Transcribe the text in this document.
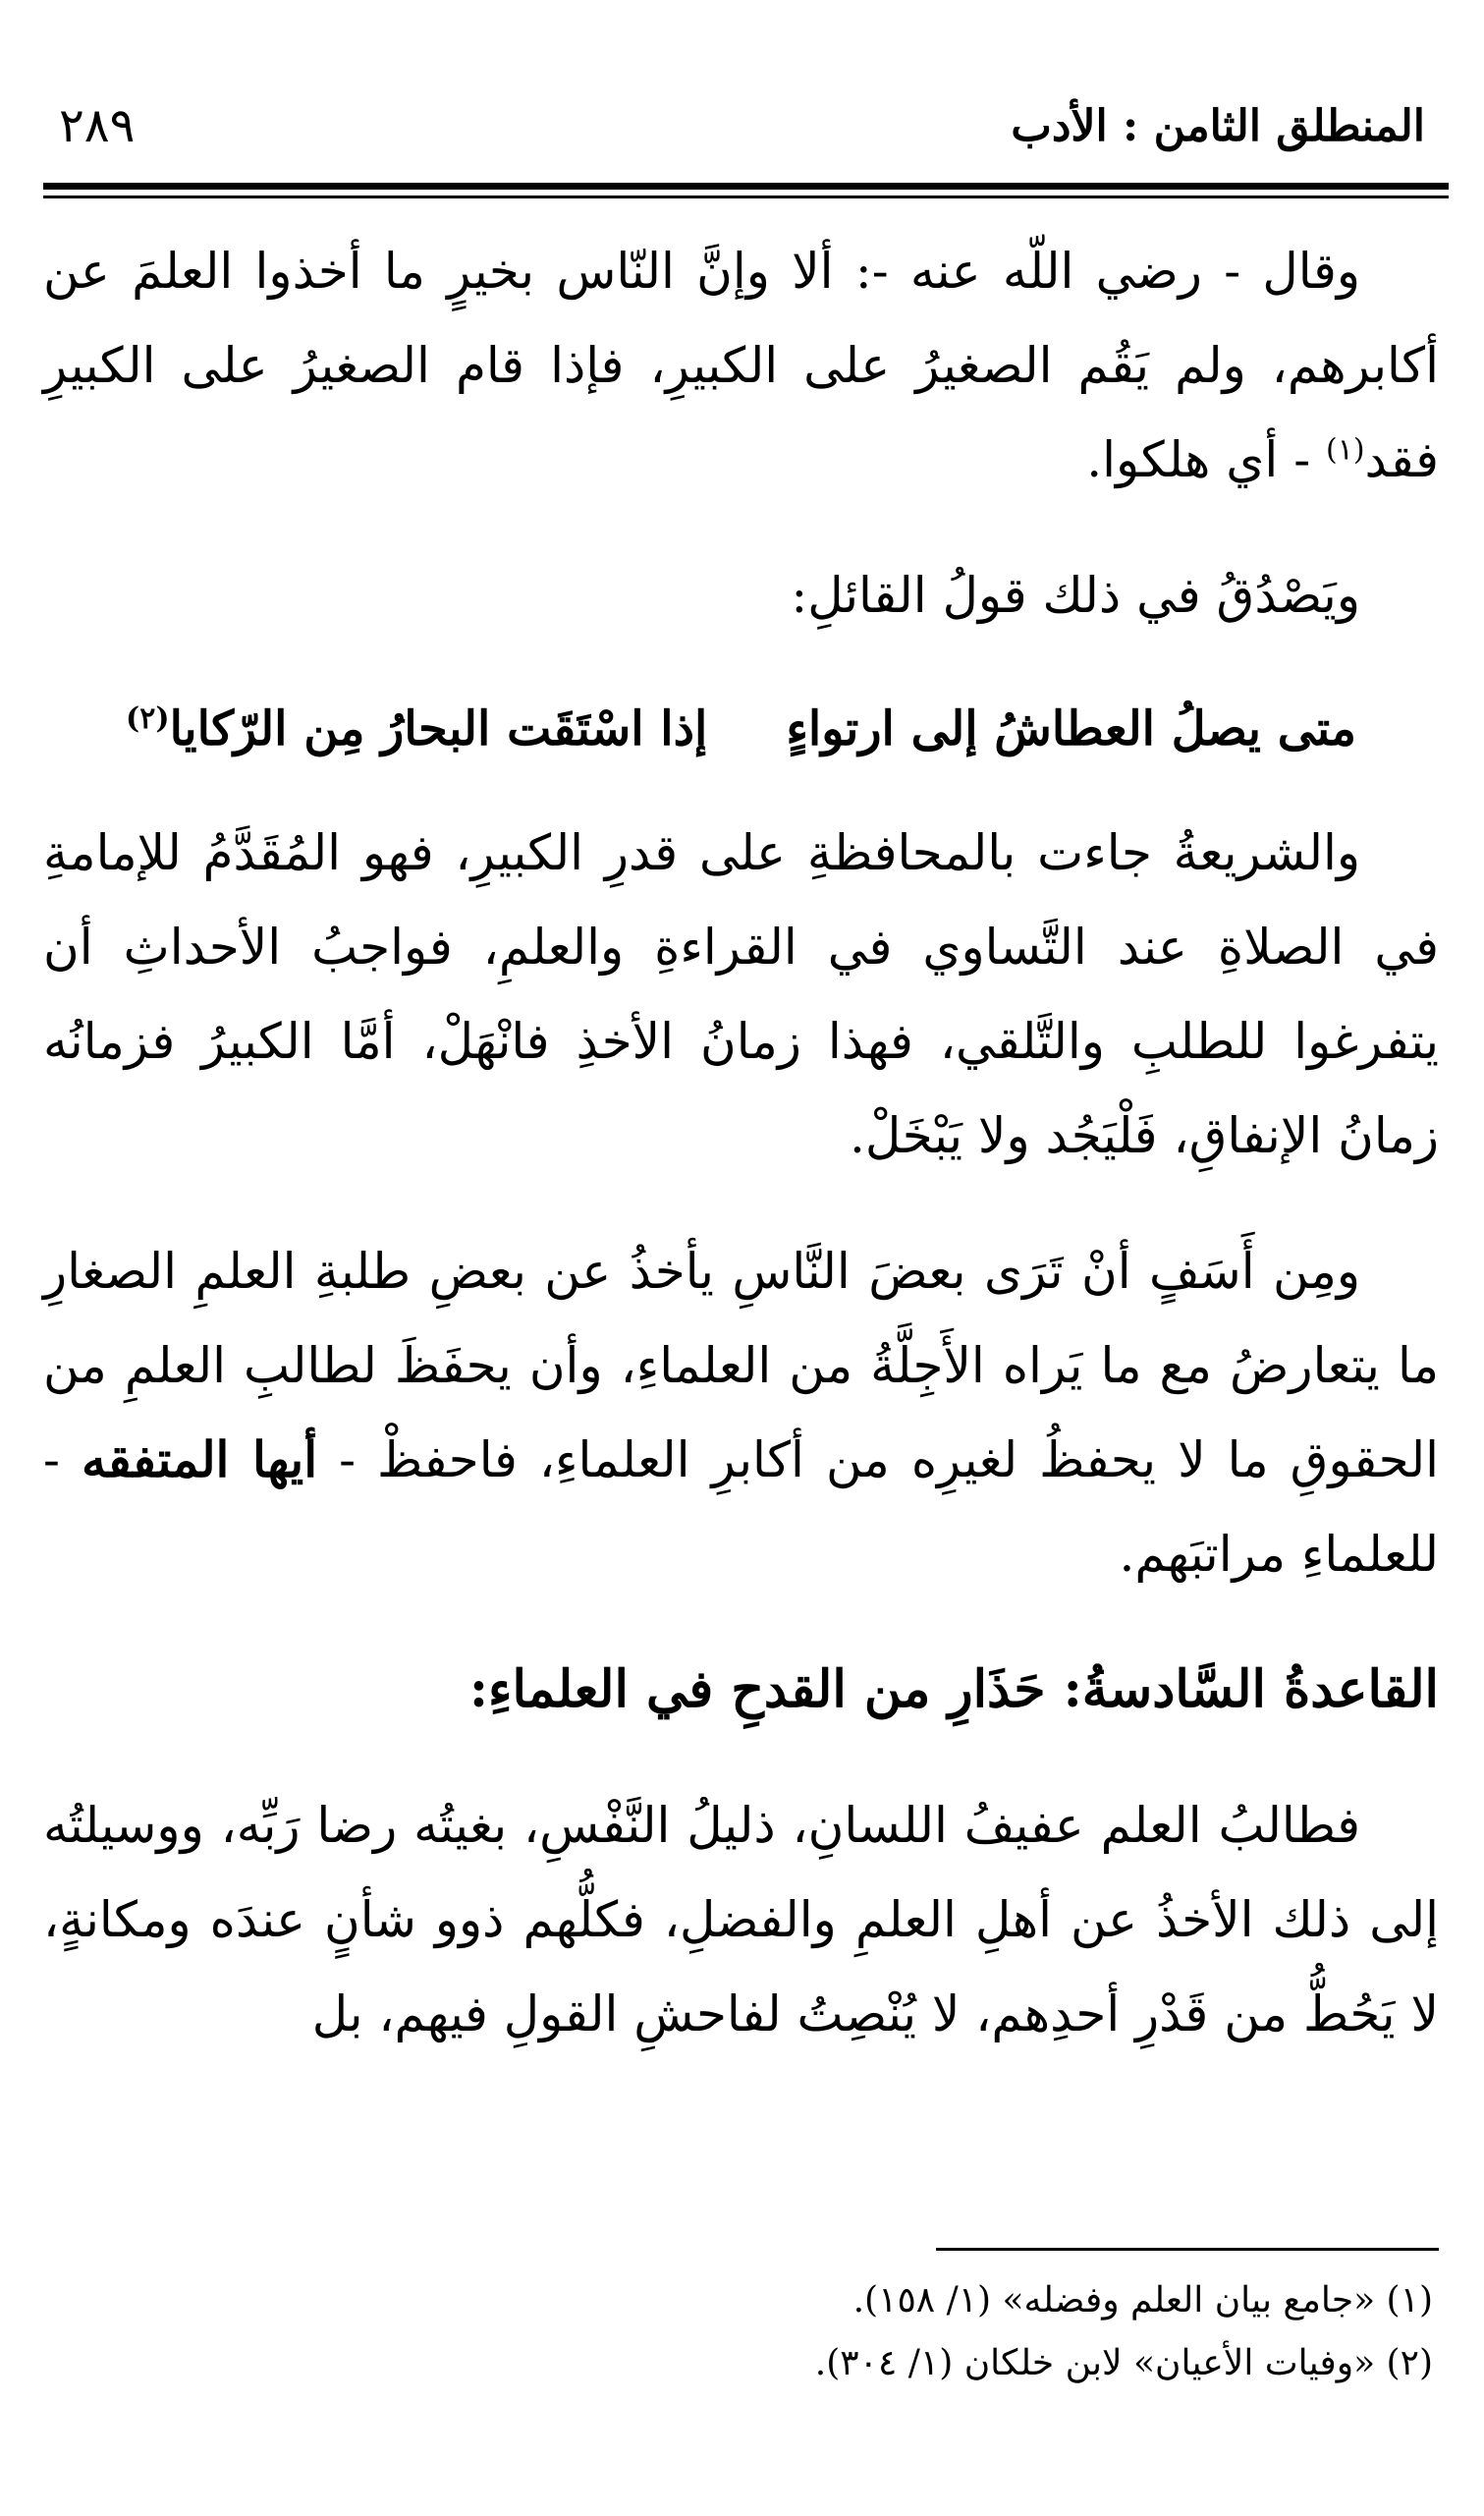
المنطلق الثامن : الأدب
٢٨٩

وقال - رضي اللّه عنه -: ألا وإنَّ النّاس بخيرٍ ما أخذوا العلمَ عن أكابرهم، ولم يَقُم الصغيرُ على الكبيرِ، فإذا قام الصغيرُ على الكبيرِ فقد$^{(١)}$ - أي هلكوا.

ويَصْدُقُ في ذلك قولُ القائلِ:

متى يصلُ العطاشُ إلى ارتواءٍإذا اسْتَقَت البحارُ مِن الرّكايا$^{(٢)}$

والشريعةُ جاءت بالمحافظةِ على قدرِ الكبيرِ، فهو المُقَدَّمُ للإمامةِ في الصلاةِ عند التَّساوي في القراءةِ والعلمِ، فواجبُ الأحداثِ أن يتفرغوا للطلبِ والتَّلقي، فهذا زمانُ الأخذِ فانْهَلْ، أمَّا الكبيرُ فزمانُه زمانُ الإنفاقِ، فَلْيَجُد ولا يَبْخَلْ.

ومِن أَسَفٍ أنْ تَرَى بعضَ النَّاسِ يأخذُ عن بعضِ طلبةِ العلمِ الصغارِ ما يتعارضُ مع ما يَراه الأَجِلَّةُ من العلماءِ، وأن يحفَظَ لطالبِ العلمِ من الحقوقِ ما لا يحفظُ لغيرِه من أكابرِ العلماءِ، فاحفظْ - أيها المتفقه - للعلماءِ مراتبَهم.

القاعدةُ السَّادسةُ: حَذَارِ من القدحِ في العلماءِ:

فطالبُ العلم عفيفُ اللسانِ، ذليلُ النَّفْسِ، بغيتُه رضا رَبِّه، ووسيلتُه إلى ذلك الأخذُ عن أهلِ العلمِ والفضلِ، فكلُّهم ذوو شأنٍ عندَه ومكانةٍ، لا يَحُطُّ من قَدْرِ أحدِهم، لا يُنْصِتُ لفاحشِ القولِ فيهم، بل

(١) «جامع بيان العلم وفضله» (١/ ١٥٨).

(٢) «وفيات الأعيان» لابن خلكان (١/ ٣٠٤).
